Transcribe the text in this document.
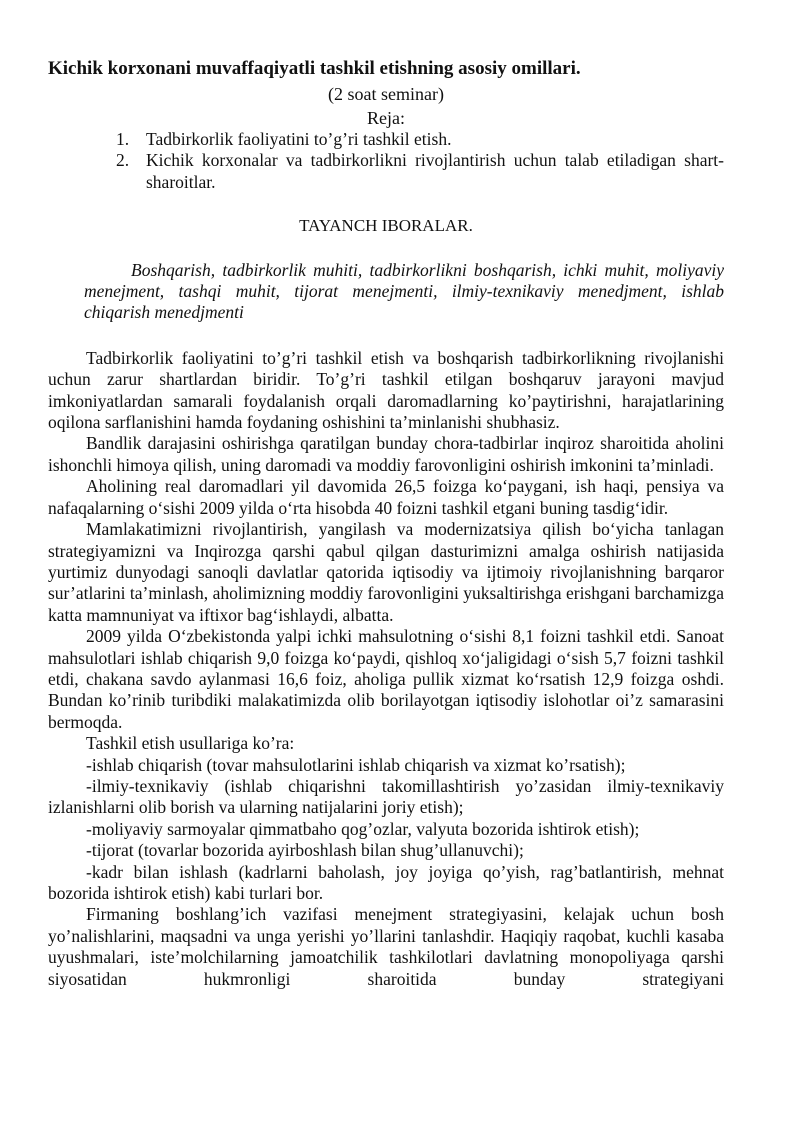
Kichik korxonani muvaffaqiyatli tashkil etishning asosiy omillari.

(2 soat seminar)
Reja:
1. Tadbirkorlik faoliyatini to’g’ri tashkil etish.
2. Kichik korxonalar va tadbirkorlikni rivojlantirish uchun talab etiladigan shart-sharoitlar.
TAYANCH IBORALAR.

Boshqarish, tadbirkorlik muhiti, tadbirkorlikni boshqarish, ichki muhit, moliyaviy menejment, tashqi muhit, tijorat menejmenti, ilmiy-texnikaviy menedjment, ishlab chiqarish menedjmenti

Tadbirkorlik faoliyatini to’g’ri tashkil etish va boshqarish tadbirkorlikning rivojlanishi uchun zarur shartlardan biridir. To’g’ri tashkil etilgan boshqaruv jarayoni mavjud imkoniyatlardan samarali foydalanish orqali daromadlarning ko’paytirishni, harajatlarining oqilona sarflanishini hamda foydaning oshishini ta’minlanishi shubhasiz.

Bandlik darajasini oshirishga qaratilgan bunday chora-tadbirlar inqiroz sharoitida aholini ishonchli himoya qilish, uning daromadi va moddiy farovonligini oshirish imkonini ta’minladi.

Aholining real daromadlari yil davomida 26,5 foizga koʻpaygani, ish haqi, pensiya va nafaqalarning oʻsishi 2009 yilda oʻrta hisobda 40 foizni tashkil etgani buning tasdigʻidir.

Mamlakatimizni rivojlantirish, yangilash va modernizatsiya qilish boʻyicha tanlagan strategiyamizni va Inqirozga qarshi qabul qilgan dasturimizni amalga oshirish natijasida yurtimiz dunyodagi sanoqli davlatlar qatorida iqtisodiy va ijtimoiy rivojlanishning barqaror sur’atlarini ta’minlash, aholimizning moddiy farovonligini yuksaltirishga erishgani barchamizga katta mamnuniyat va iftixor bagʻishlaydi, albatta.

2009 yilda Oʻzbekistonda yalpi ichki mahsulotning oʻsishi 8,1 foizni tashkil etdi. Sanoat mahsulotlari ishlab chiqarish 9,0 foizga koʻpaydi, qishloq xoʻjaligidagi oʻsish 5,7 foizni tashkil etdi, chakana savdo aylanmasi 16,6 foiz, aholiga pullik xizmat koʻrsatish 12,9 foizga oshdi. Bundan ko’rinib turibdiki malakatimizda olib borilayotgan iqtisodiy islohotlar oi’z samarasini bermoqda.

Tashkil etish usullariga ko’ra:

-ishlab chiqarish (tovar mahsulotlarini ishlab chiqarish va xizmat ko’rsatish);

-ilmiy-texnikaviy (ishlab chiqarishni takomillashtirish yo’zasidan ilmiy-texnikaviy izlanishlarni olib borish va ularning natijalarini joriy etish);

-moliyaviy sarmoyalar qimmatbaho qog’ozlar, valyuta bozorida ishtirok etish);

-tijorat (tovarlar bozorida ayirboshlash bilan shug’ullanuvchi);

-kadr bilan ishlash (kadrlarni baholash, joy joyiga qo’yish, rag’batlantirish, mehnat bozorida ishtirok etish) kabi turlari bor.

Firmaning boshlang’ich vazifasi menejment strategiyasini, kelajak uchun bosh yo’nalishlarini, maqsadni va unga yerishi yo’llarini tanlashdir. Haqiqiy raqobat, kuchli kasaba uyushmalari, iste’molchilarning jamoatchilik tashkilotlari davlatning monopoliyaga qarshi siyosatidan hukmronligi sharoitida bunday strategiyani
